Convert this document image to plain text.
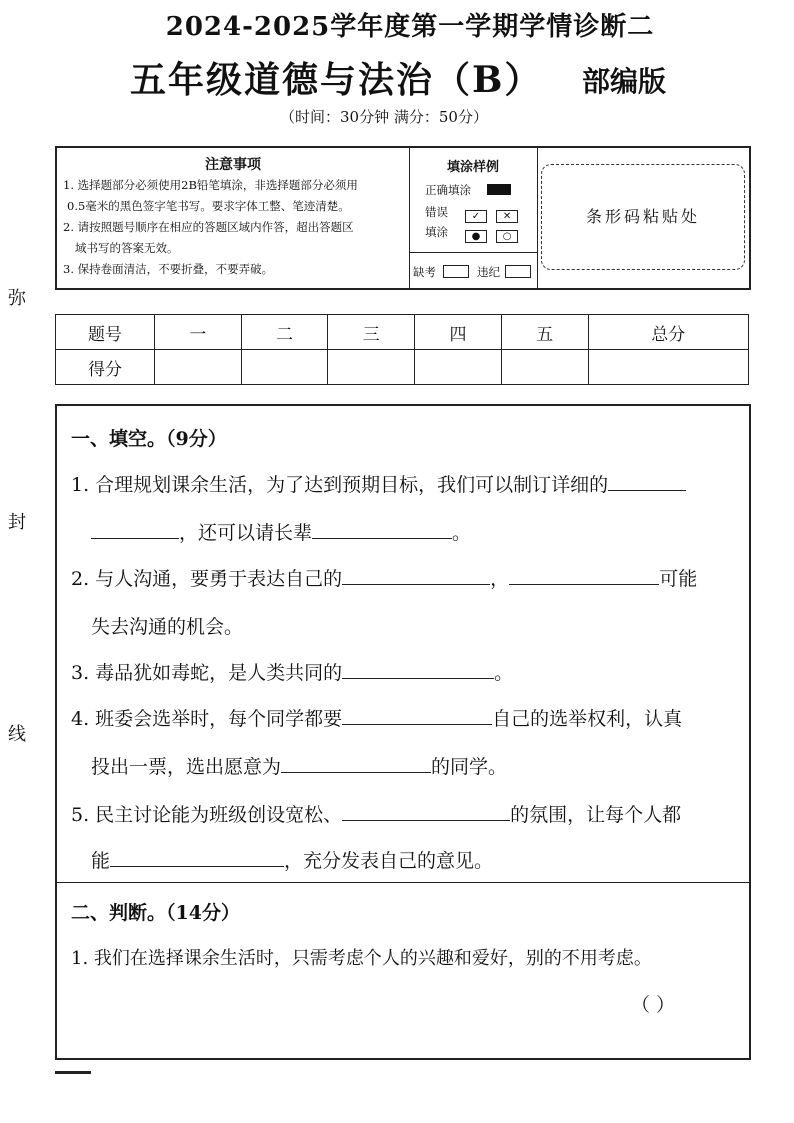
2024-2025学年度第一学期学情诊断二
五年级道德与法治（B） 部编版
（时间：30分钟 满分：50分）
弥
封
线
注意事项
1. 选择题部分必须使用2B铅笔填涂，非选择题部分必须用
0.5毫米的黑色签字笔书写。要求字体工整、笔迹清楚。
2. 请按照题号顺序在相应的答题区域内作答，超出答题区
域书写的答案无效。
3. 保持卷面清洁，不要折叠，不要弄破。
填涂样例
正确填涂
错误
填涂
✓ ✕
● ○
缺考	违纪
条形码粘贴处
题号	一	二	三	四	五	总分
得分						
一、填空。（9分）
1. 合理规划课余生活，为了达到预期目标，我们可以制订详细的
，还可以请长辈	。
2. 与人沟通，要勇于表达自己的	，	可能
失去沟通的机会。
3. 毒品犹如毒蛇，是人类共同的	。
4. 班委会选举时，每个同学都要	自己的选举权利，认真
投出一票，选出愿意为	的同学。
5. 民主讨论能为班级创设宽松、	的氛围，让每个人都
能	，充分发表自己的意见。
二、判断。（14分）
1. 我们在选择课余生活时，只需考虑个人的兴趣和爱好，别的不用考虑。
（ ）
